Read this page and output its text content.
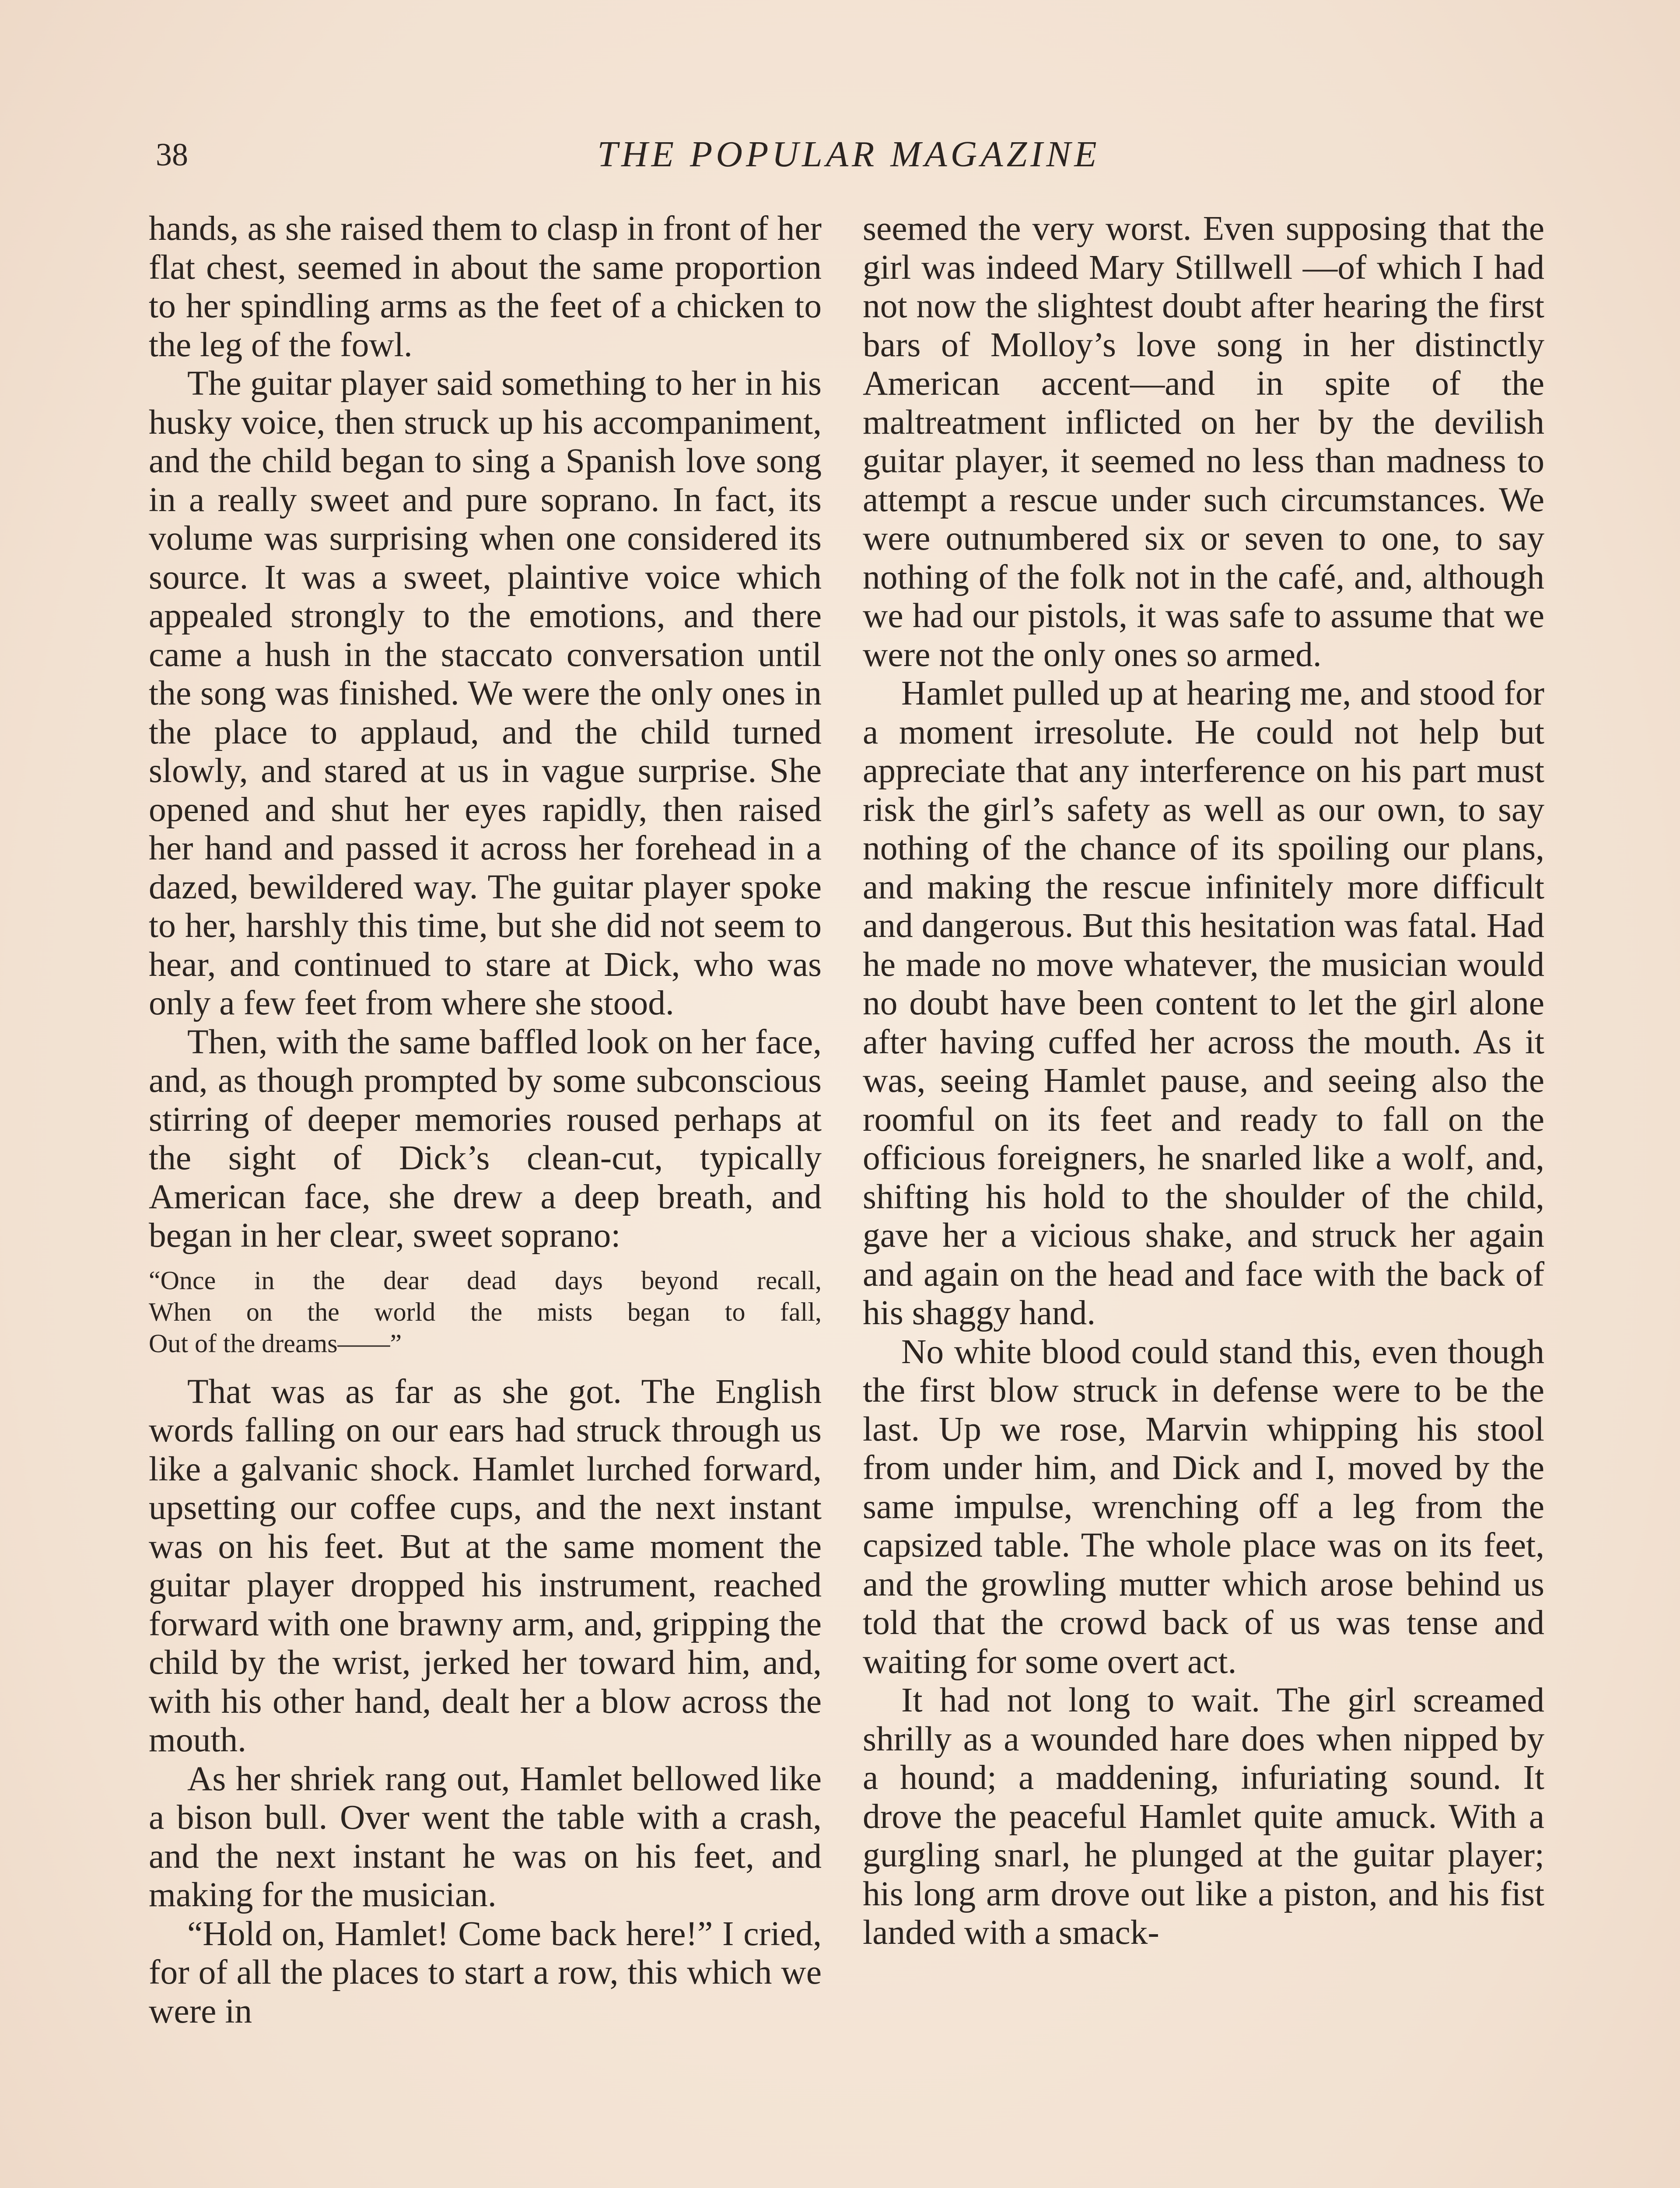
38	THE POPULAR MAGAZINE

hands, as she raised them to clasp in front of her flat chest, seemed in about the same proportion to her spindling arms as the feet of a chicken to the leg of the fowl.

The guitar player said something to her in his husky voice, then struck up his accompaniment, and the child began to sing a Spanish love song in a really sweet and pure soprano. In fact, its volume was surprising when one considered its source. It was a sweet, plaintive voice which appealed strongly to the emotions, and there came a hush in the staccato conversation until the song was finished. We were the only ones in the place to applaud, and the child turned slowly, and stared at us in vague surprise. She opened and shut her eyes rapidly, then raised her hand and passed it across her forehead in a dazed, bewildered way. The guitar player spoke to her, harshly this time, but she did not seem to hear, and continued to stare at Dick, who was only a few feet from where she stood.

Then, with the same baffled look on her face, and, as though prompted by some subconscious stirring of deeper memories roused perhaps at the sight of Dick’s clean-cut, typically American face, she drew a deep breath, and began in her clear, sweet soprano:

“Once in the dear dead days beyond recall,
When on the world the mists began to fall,
Out of the dreams——”

That was as far as she got. The English words falling on our ears had struck through us like a galvanic shock. Hamlet lurched forward, upsetting our coffee cups, and the next instant was on his feet. But at the same moment the guitar player dropped his instrument, reached forward with one brawny arm, and, gripping the child by the wrist, jerked her toward him, and, with his other hand, dealt her a blow across the mouth.

As her shriek rang out, Hamlet bellowed like a bison bull. Over went the table with a crash, and the next instant he was on his feet, and making for the musician.

“Hold on, Hamlet! Come back here!” I cried, for of all the places to start a row, this which we were in

seemed the very worst. Even supposing that the girl was indeed Mary Stillwell —of which I had not now the slightest doubt after hearing the first bars of Molloy’s love song in her distinctly American accent—and in spite of the maltreatment inflicted on her by the devilish guitar player, it seemed no less than madness to attempt a rescue under such circumstances. We were outnumbered six or seven to one, to say nothing of the folk not in the café, and, although we had our pistols, it was safe to assume that we were not the only ones so armed.

Hamlet pulled up at hearing me, and stood for a moment irresolute. He could not help but appreciate that any interference on his part must risk the girl’s safety as well as our own, to say nothing of the chance of its spoiling our plans, and making the rescue infinitely more difficult and dangerous. But this hesitation was fatal. Had he made no move whatever, the musician would no doubt have been content to let the girl alone after having cuffed her across the mouth. As it was, seeing Hamlet pause, and seeing also the roomful on its feet and ready to fall on the officious foreigners, he snarled like a wolf, and, shifting his hold to the shoulder of the child, gave her a vicious shake, and struck her again and again on the head and face with the back of his shaggy hand.

No white blood could stand this, even though the first blow struck in defense were to be the last. Up we rose, Marvin whipping his stool from under him, and Dick and I, moved by the same impulse, wrenching off a leg from the capsized table. The whole place was on its feet, and the growling mutter which arose behind us told that the crowd back of us was tense and waiting for some overt act.

It had not long to wait. The girl screamed shrilly as a wounded hare does when nipped by a hound; a maddening, infuriating sound. It drove the peaceful Hamlet quite amuck. With a gurgling snarl, he plunged at the guitar player; his long arm drove out like a piston, and his fist landed with a smack-
